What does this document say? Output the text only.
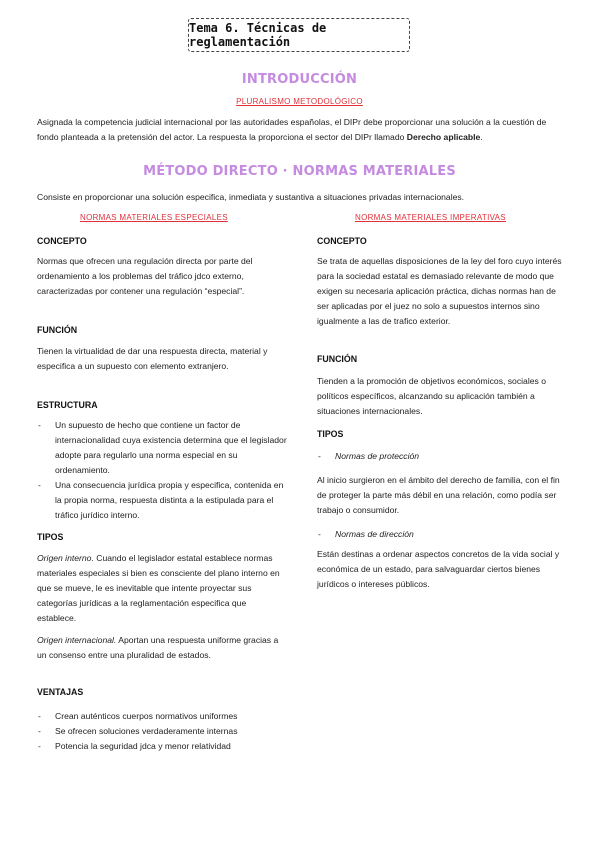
Tema 6. Técnicas de reglamentación
INTRODUCCIÓN
PLURALISMO METODOLÓGICO
Asignada la competencia judicial internacional por las autoridades españolas, el DIPr debe proporcionar una solución a la cuestión de fondo planteada a la pretensión del actor. La respuesta la proporciona el sector del DIPr llamado Derecho aplicable.
MÉTODO DIRECTO · NORMAS MATERIALES
Consiste en proporcionar una solución especifica, inmediata y sustantiva a situaciones privadas internacionales.
NORMAS MATERIALES ESPECIALES
CONCEPTO
Normas que ofrecen una regulación directa por parte del ordenamiento a los problemas del tráfico jdco externo, caracterizadas por contener una regulación “especial”.
FUNCIÓN
Tienen la virtualidad de dar una respuesta directa, material y especifica a un supuesto con elemento extranjero.
ESTRUCTURA
- Un supuesto de hecho que contiene un factor de internacionalidad cuya existencia determina que el legislador adopte para regularlo una norma especial en su ordenamiento.
- Una consecuencia jurídica propia y especifica, contenida en la propia norma, respuesta distinta a la estipulada para el tráfico jurídico interno.
TIPOS
Origen interno. Cuando el legislador estatal establece normas materiales especiales si bien es consciente del plano interno en que se mueve, le es inevitable que intente proyectar sus categorías jurídicas a la reglamentación especifica que establece.
Origen internacional. Aportan una respuesta uniforme gracias a un consenso entre una pluralidad de estados.
VENTAJAS
- Crean auténticos cuerpos normativos uniformes
- Se ofrecen soluciones verdaderamente internas
- Potencia la seguridad jdca y menor relatividad
NORMAS MATERIALES IMPERATIVAS
CONCEPTO
Se trata de aquellas disposiciones de la ley del foro cuyo interés para la sociedad estatal es demasiado relevante de modo que exigen su necesaria aplicación práctica, dichas normas han de ser aplicadas por el juez no solo a supuestos internos sino igualmente a las de trafico exterior.
FUNCIÓN
Tienden a la promoción de objetivos económicos, sociales o políticos específicos, alcanzando su aplicación también a situaciones internacionales.
TIPOS
- Normas de protección
Al inicio surgieron en el ámbito del derecho de familia, con el fin de proteger la parte más débil en una relación, como podía ser trabajo o consumidor.
- Normas de dirección
Están destinas a ordenar aspectos concretos de la vida social y económica de un estado, para salvaguardar ciertos bienes jurídicos o intereses públicos.
